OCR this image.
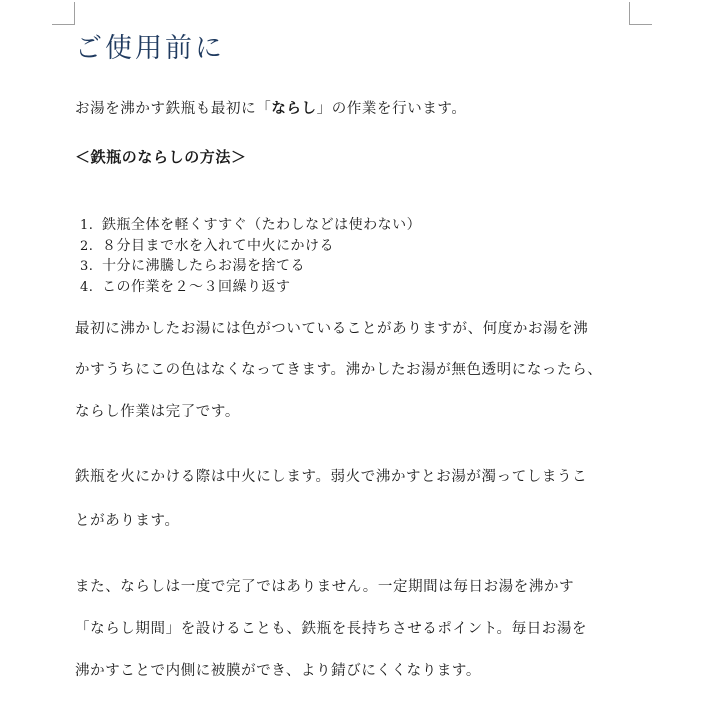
ご使用前に
お湯を沸かす鉄瓶も最初に「ならし」の作業を行います。
＜鉄瓶のならしの方法＞
1. 鉄瓶全体を軽くすすぐ（たわしなどは使わない）
2. ８分目まで水を入れて中火にかける
3. 十分に沸騰したらお湯を捨てる
4. この作業を２～３回繰り返す
最初に沸かしたお湯には色がついていることがありますが、何度かお湯を沸
かすうちにこの色はなくなってきます。沸かしたお湯が無色透明になったら、
ならし作業は完了です。
鉄瓶を火にかける際は中火にします。弱火で沸かすとお湯が濁ってしまうこ
とがあります。
また、ならしは一度で完了ではありません。一定期間は毎日お湯を沸かす
「ならし期間」を設けることも、鉄瓶を長持ちさせるポイント。毎日お湯を
沸かすことで内側に被膜ができ、より錆びにくくなります。
